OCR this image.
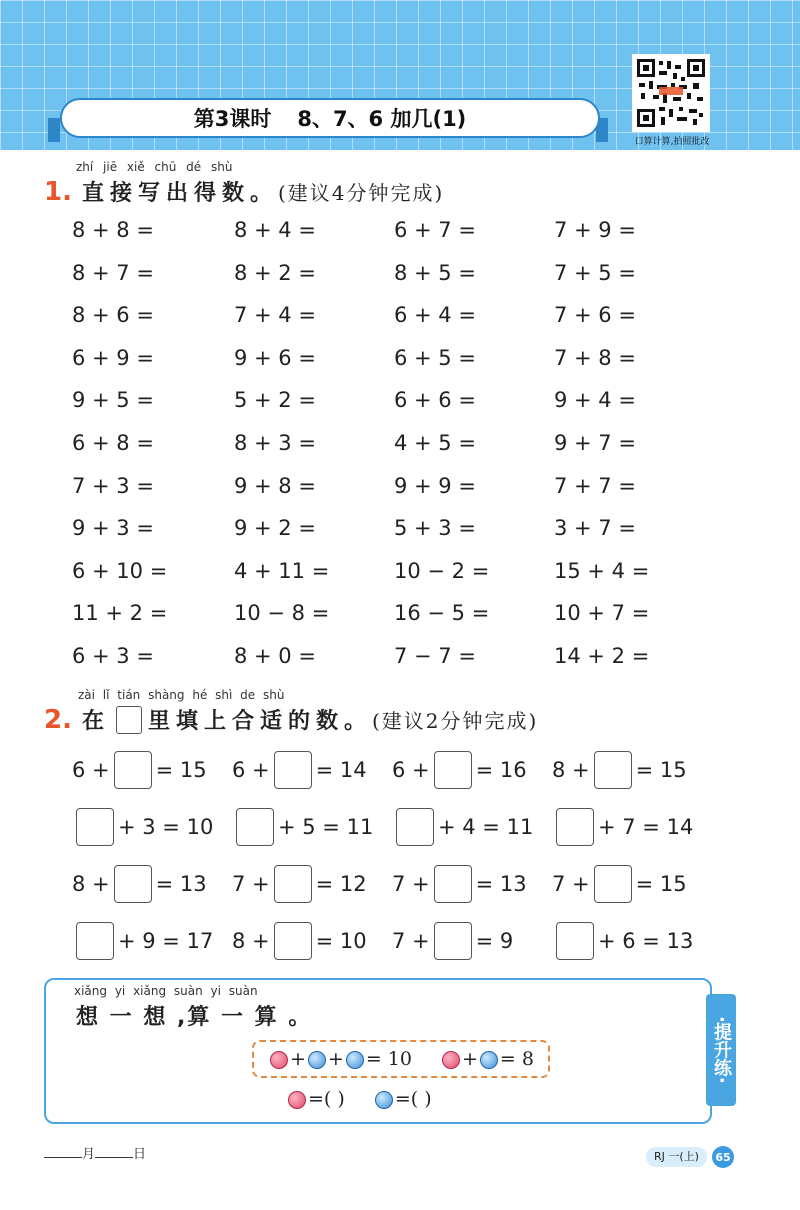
第3课时 8、7、6 加几(1)
口算计算,拍照批改
zhí jiē xiě chū dé shù
1. 直接写出得数。(建议4分钟完成)
8 + 8 =	8 + 4 =	6 + 7 =	7 + 9 =
8 + 7 =	8 + 2 =	8 + 5 =	7 + 5 =
8 + 6 =	7 + 4 =	6 + 4 =	7 + 6 =
6 + 9 =	9 + 6 =	6 + 5 =	7 + 8 =
9 + 5 =	5 + 2 =	6 + 6 =	9 + 4 =
6 + 8 =	8 + 3 =	4 + 5 =	9 + 7 =
7 + 3 =	9 + 8 =	9 + 9 =	7 + 7 =
9 + 3 =	9 + 2 =	5 + 3 =	3 + 7 =
6 + 10 =	4 + 11 =	10 − 2 =	15 + 4 =
11 + 2 =	10 − 8 =	16 − 5 =	10 + 7 =
6 + 3 =	8 + 0 =	7 − 7 =	14 + 2 =
zài lǐ tián shàng hé shì de shù
2. 在 里填上合适的数。 (建议2分钟完成)
6 + = 15 6 + = 14 6 + = 16 8 + = 15
+ 3 = 10	+ 5 = 11	+ 4 = 11	+ 7 = 14
8 + = 13 7 + = 12 7 + = 13 7 + = 15
+ 9 = 17 8 + = 10 7 + = 9	+ 6 = 13
xiǎng yi xiǎng suàn yi suàn
想 一 想 ,算 一 算 。	·提升练·
+ + = 10	+ = 8
=( )	=( )
月	日	RJ 一(上)	65
